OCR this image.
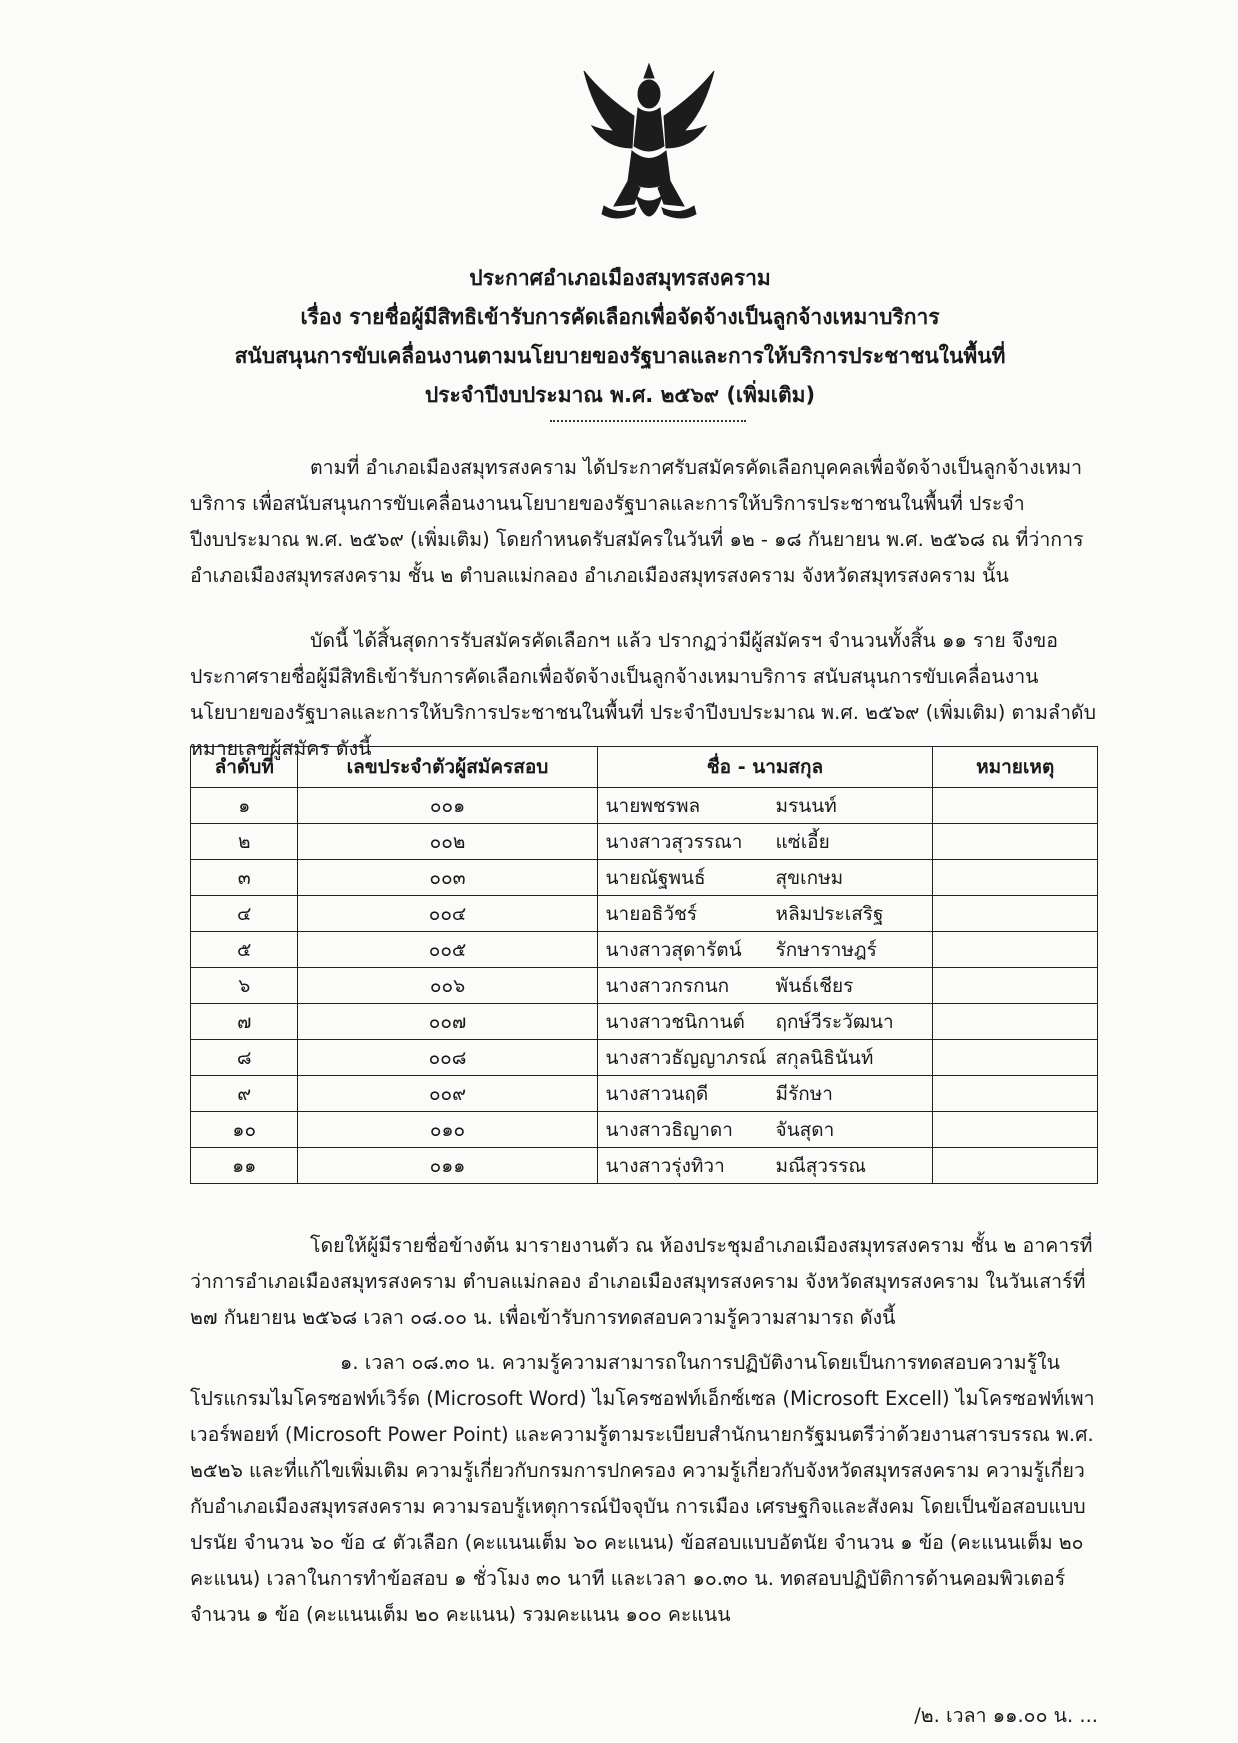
ประกาศอำเภอเมืองสมุทรสงคราม
เรื่อง รายชื่อผู้มีสิทธิเข้ารับการคัดเลือกเพื่อจัดจ้างเป็นลูกจ้างเหมาบริการ
สนับสนุนการขับเคลื่อนงานตามนโยบายของรัฐบาลและการให้บริการประชาชนในพื้นที่
ประจำปีงบประมาณ พ.ศ. ๒๕๖๙ (เพิ่มเติม)
ตามที่ อำเภอเมืองสมุทรสงคราม ได้ประกาศรับสมัครคัดเลือกบุคคลเพื่อจัดจ้างเป็นลูกจ้างเหมาบริการ เพื่อสนับสนุนการขับเคลื่อนงานนโยบายของรัฐบาลและการให้บริการประชาชนในพื้นที่ ประจำปีงบประมาณ พ.ศ. ๒๕๖๙ (เพิ่มเติม) โดยกำหนดรับสมัครในวันที่ ๑๒ - ๑๘ กันยายน พ.ศ. ๒๕๖๘ ณ ที่ว่าการอำเภอเมืองสมุทรสงคราม ชั้น ๒ ตำบลแม่กลอง อำเภอเมืองสมุทรสงคราม จังหวัดสมุทรสงคราม นั้น
บัดนี้ ได้สิ้นสุดการรับสมัครคัดเลือกฯ แล้ว ปรากฏว่ามีผู้สมัครฯ จำนวนทั้งสิ้น ๑๑ ราย จึงขอประกาศรายชื่อผู้มีสิทธิเข้ารับการคัดเลือกเพื่อจัดจ้างเป็นลูกจ้างเหมาบริการ สนับสนุนการขับเคลื่อนงานนโยบายของรัฐบาลและการให้บริการประชาชนในพื้นที่ ประจำปีงบประมาณ พ.ศ. ๒๕๖๙ (เพิ่มเติม) ตามลำดับหมายเลขผู้สมัคร ดังนี้
ลำดับที่	เลขประจำตัวผู้สมัครสอบ	ชื่อ - นามสกุล	หมายเหตุ
๑	๐๐๑	นายพชรพล มรนนท์	
๒	๐๐๒	นางสาวสุวรรณา แซ่เอี้ย	
๓	๐๐๓	นายณัฐพนธ์ สุขเกษม	
๔	๐๐๔	นายอธิวัชร์ หลิมประเสริฐ	
๕	๐๐๕	นางสาวสุดารัตน์ รักษาราษฎร์	
๖	๐๐๖	นางสาวกรกนก พันธ์เชียร	
๗	๐๐๗	นางสาวชนิกานต์ ฤกษ์วีระวัฒนา	
๘	๐๐๘	นางสาวธัญญาภรณ์ สกุลนิธินันท์	
๙	๐๐๙	นางสาวนฤดี มีรักษา	
๑๐	๐๑๐	นางสาวธิญาดา จันสุดา	
๑๑	๐๑๑	นางสาวรุ่งทิวา มณีสุวรรณ	
โดยให้ผู้มีรายชื่อข้างต้น มารายงานตัว ณ ห้องประชุมอำเภอเมืองสมุทรสงคราม ชั้น ๒ อาคารที่ว่าการอำเภอเมืองสมุทรสงคราม ตำบลแม่กลอง อำเภอเมืองสมุทรสงคราม จังหวัดสมุทรสงคราม ในวันเสาร์ที่ ๒๗ กันยายน ๒๕๖๘ เวลา ๐๘.๐๐ น. เพื่อเข้ารับการทดสอบความรู้ความสามารถ ดังนี้
๑. เวลา ๐๘.๓๐ น. ความรู้ความสามารถในการปฏิบัติงานโดยเป็นการทดสอบความรู้ในโปรแกรมไมโครซอฟท์เวิร์ด (Microsoft Word) ไมโครซอฟท์เอ็กซ์เซล (Microsoft Excell) ไมโครซอฟท์เพาเวอร์พอยท์ (Microsoft Power Point) และความรู้ตามระเบียบสำนักนายกรัฐมนตรีว่าด้วยงานสารบรรณ พ.ศ. ๒๕๒๖ และที่แก้ไขเพิ่มเติม ความรู้เกี่ยวกับกรมการปกครอง ความรู้เกี่ยวกับจังหวัดสมุทรสงคราม ความรู้เกี่ยวกับอำเภอเมืองสมุทรสงคราม ความรอบรู้เหตุการณ์ปัจจุบัน การเมือง เศรษฐกิจและสังคม โดยเป็นข้อสอบแบบปรนัย จำนวน ๖๐ ข้อ ๔ ตัวเลือก (คะแนนเต็ม ๖๐ คะแนน) ข้อสอบแบบอัตนัย จำนวน ๑ ข้อ (คะแนนเต็ม ๒๐ คะแนน) เวลาในการทำข้อสอบ ๑ ชั่วโมง ๓๐ นาที และเวลา ๑๐.๓๐ น. ทดสอบปฏิบัติการด้านคอมพิวเตอร์ จำนวน ๑ ข้อ (คะแนนเต็ม ๒๐ คะแนน) รวมคะแนน ๑๐๐ คะแนน
/๒. เวลา ๑๑.๐๐ น. ...
